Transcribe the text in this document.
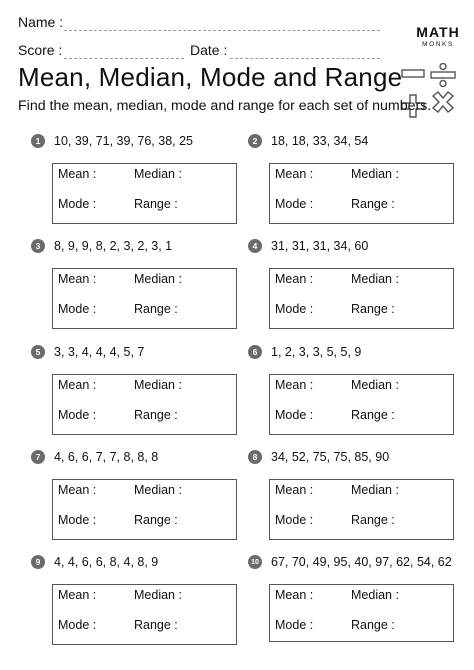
Name :
Score :	Date :
MATH
MONKS
Mean, Median, Mode and Range
Find the mean, median, mode and range for each set of numbers.
1	10, 39, 71, 39, 76, 38, 25
Mean :	Median :
Mode :	Range :
2	18, 18, 33, 34, 54
Mean :	Median :
Mode :	Range :
3	8, 9, 9, 8, 2, 3, 2, 3, 1
Mean :	Median :
Mode :	Range :
4	31, 31, 31, 34, 60
Mean :	Median :
Mode :	Range :
5	3, 3, 4, 4, 4, 5, 7
Mean :	Median :
Mode :	Range :
6	1, 2, 3, 3, 5, 5, 9
Mean :	Median :
Mode :	Range :
7	4, 6, 6, 7, 7, 8, 8, 8
Mean :	Median :
Mode :	Range :
8	34, 52, 75, 75, 85, 90
Mean :	Median :
Mode :	Range :
9	4, 4, 6, 6, 8, 4, 8, 9
Mean :	Median :
Mode :	Range :
10 67, 70, 49, 95, 40, 97, 62, 54, 62
Mean :	Median :
Mode :	Range :
